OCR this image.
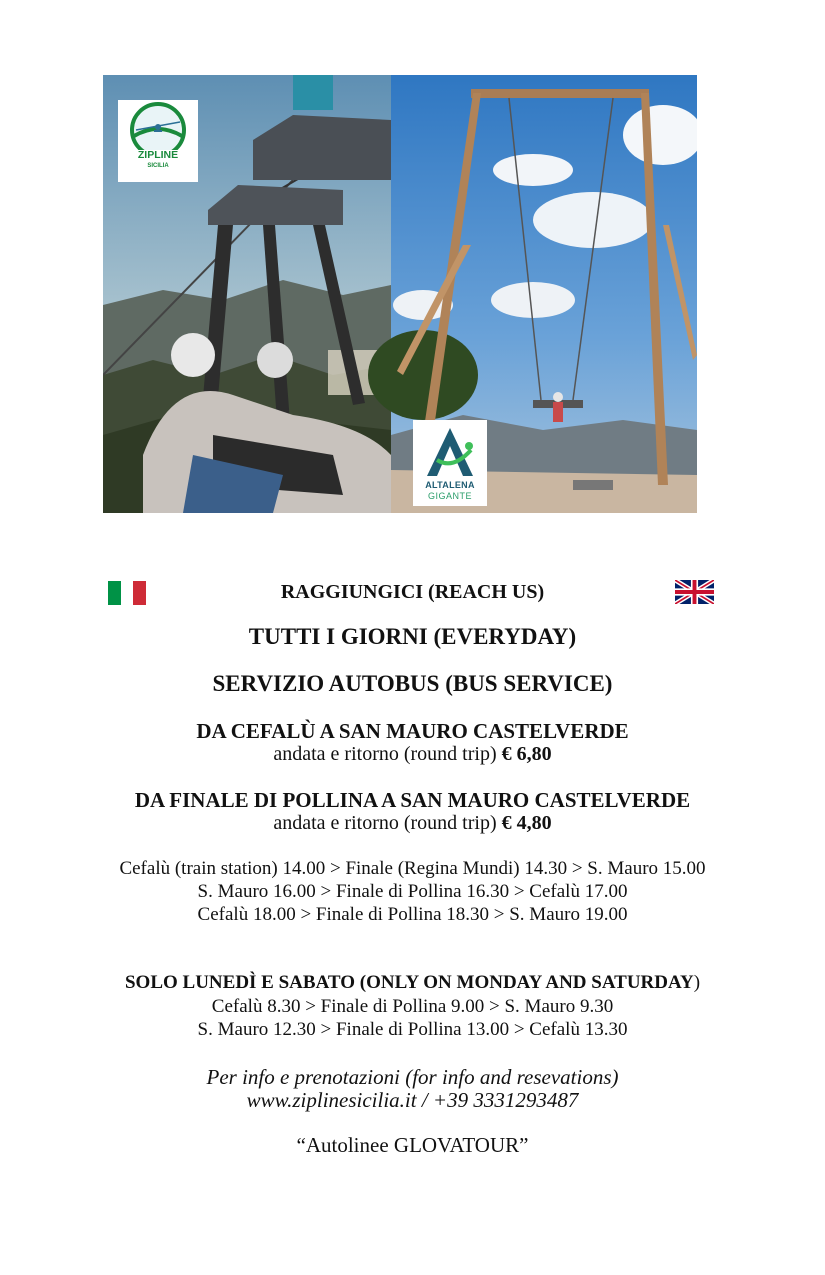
ZIPLINE
SICILIA
ALTALENA
GIGANTE
RAGGIUNGICI (REACH US)
TUTTI I GIORNI (EVERYDAY)
SERVIZIO AUTOBUS (BUS SERVICE)
DA CEFALÙ A SAN MAURO CASTELVERDE
andata e ritorno (round trip) € 6,80
DA FINALE DI POLLINA A SAN MAURO CASTELVERDE
andata e ritorno (round trip) € 4,80
Cefalù (train station) 14.00 > Finale (Regina Mundi) 14.30 > S. Mauro 15.00
S. Mauro 16.00 > Finale di Pollina 16.30 > Cefalù 17.00
Cefalù 18.00 > Finale di Pollina 18.30 > S. Mauro 19.00
SOLO LUNEDÌ E SABATO (ONLY ON MONDAY AND SATURDAY)
Cefalù 8.30 > Finale di Pollina 9.00 > S. Mauro 9.30
S. Mauro 12.30 > Finale di Pollina 13.00 > Cefalù 13.30
Per info e prenotazioni (for info and resevations)
www.ziplinesicilia.it / +39 3331293487
“Autolinee GLOVATOUR”
